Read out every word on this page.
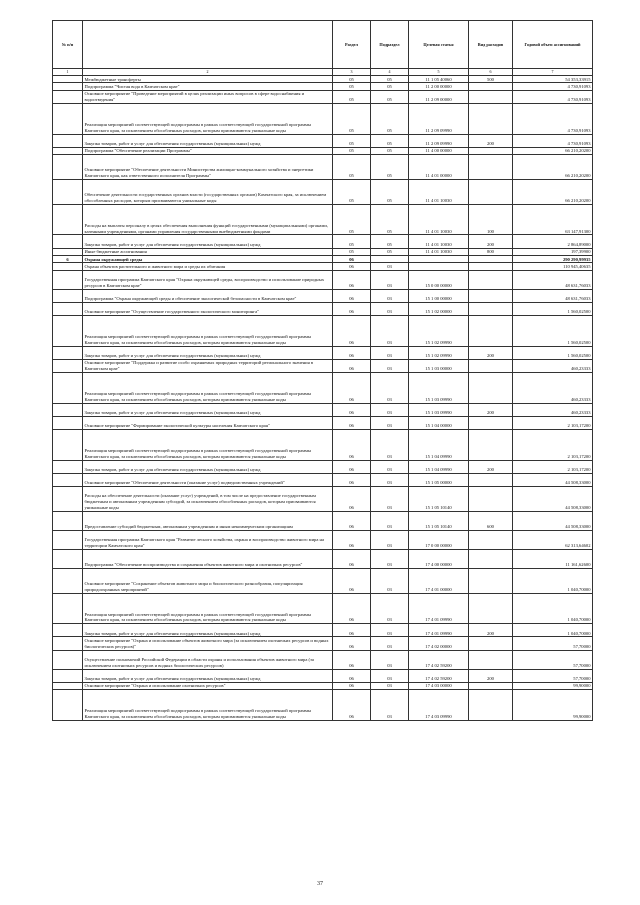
№ п/п		Раздел	Подраздел	Целевая статья	Вид расходов	Годовой объем ассигнований
1	2	3	4	5	6	7
	Межбюджетные трансферты	05	05	11 1 05 40060	500	54 353,33915
	Подпрограмма "Чистая вода в Камчатском крае"	05	05	11 2 00 00000		4 730,91093
	Основное мероприятие "Проведение мероприятий в целях реализации иных вопросов в сфере водоснабжения и водоотведения"	05	05	11 2 09 00000		4 730,91093
	Реализация мероприятий соответствующей подпрограммы в рамках соответствующей государственной программы Камчатского края, за исключением обособленных расходов, которым присваиваются уникальные коды	05	05	11 2 09 09990		4 730,91093
	Закупка товаров, работ и услуг для обеспечения государственных (муниципальных) нужд	05	05	11 2 09 09990	200	4 730,91093
	Подпрограмма "Обеспечение реализации Программы"	05	05	11 4 00 00000		66 210,20200
	Основное мероприятие "Обеспечение деятельности Министерства жилищно-коммунального хозяйства и энергетики Камчатского края, как ответственного исполнителя Программы"	05	05	11 4 01 00000		66 210,20200
	Обеспечение деятельности государственных органов власти (государственных органов) Камчатского края, за исключением обособленных расходов, которым присваиваются уникальные коды	05	05	11 4 01 10030		66 210,20200
	Расходы на выплаты персоналу в целях обеспечения выполнения функций государственными (муниципальными) органами, казенными учреждениями, органами управления государственными внебюджетными фондами	05	05	11 4 01 10030	100	63 147,91300
	Закупка товаров, работ и услуг для обеспечения государственных (муниципальных) нужд	05	05	11 4 01 10030	200	2 864,89000
	Иные бюджетные ассигнования	05	05	11 4 01 10030	800	197,39900
6	Охрана окружающей среды	06				290 290,99935
	Охрана объектов растительного и животного мира и среды их обитания	06	03			110 945,40635
	Государственная программа Камчатского края "Охрана окружающей среды, воспроизводство и использование природных ресурсов в Камчатском крае"	06	03	15 0 00 00000		48 631,76033
	Подпрограмма "Охрана окружающей среды и обеспечение экологической безопасности в Камчатском крае"	06	03	15 1 00 00000		48 631,76033
	Основное мероприятие "Осуществление государственного экологического мониторинга"	06	03	15 1 02 00000		1 560,02500
	Реализация мероприятий соответствующей подпрограммы в рамках соответствующей государственной программы Камчатского края, за исключением обособленных расходов, которым присваиваются уникальные коды	06	03	15 1 02 09990		1 560,02500
	Закупка товаров, работ и услуг для обеспечения государственных (муниципальных) нужд	06	03	15 1 02 09990	200	1 560,02500
	Основное мероприятие "Поддержка и развитие особо охраняемых природных территорий регионального значения в Камчатском крае"	06	03	15 1 03 00000		460,23333
	Реализация мероприятий соответствующей подпрограммы в рамках соответствующей государственной программы Камчатского края, за исключением обособленных расходов, которым присваиваются уникальные коды	06	03	15 1 03 09990		460,23333
	Закупка товаров, работ и услуг для обеспечения государственных (муниципальных) нужд	06	03	15 1 03 09990	200	460,23333
	Основное мероприятие "Формирование экологической культуры населения Камчатского края"	06	03	15 1 04 00000		2 103,17200
	Реализация мероприятий соответствующей подпрограммы в рамках соответствующей государственной программы Камчатского края, за исключением обособленных расходов, которым присваиваются уникальные коды	06	03	15 1 04 09990		2 103,17200
	Закупка товаров, работ и услуг для обеспечения государственных (муниципальных) нужд	06	03	15 1 04 09990	200	2 103,17200
	Основное мероприятие "Обеспечение деятельности (оказание услуг) подведомственных учреждений"	06	03	15 1 05 00000		44 508,33000
	Расходы на обеспечение деятельности (оказание услуг) учреждений, в том числе на предоставление государственным бюджетным и автономным учреждениям субсидий, за исключением обособленных расходов, которым присваиваются уникальные коды	06	03	15 1 05 10140		44 508,33000
	Предоставление субсидий бюджетным, автономным учреждениям и иным некоммерческим организациям	06	03	15 1 05 10140	600	44 508,33000
	Государственная программа Камчатского края "Развитие лесного хозяйства, охрана и воспроизводство животного мира на территории Камчатского края"	06	03	17 0 00 00000		62 313,64602
	Подпрограмма "Обеспечение воспроизводства и сохранения объектов животного мира и охотничьих ресурсов"	06	03	17 4 00 00000		11 161,62600
	Основное мероприятие "Сохранение объектов животного мира и биологического разнообразия, популяризация природоохранных мероприятий"	06	03	17 4 01 00000		1 040,70000
	Реализация мероприятий соответствующей подпрограммы в рамках соответствующей государственной программы Камчатского края, за исключением обособленных расходов, которым присваиваются уникальные коды	06	03	17 4 01 09990		1 040,70000
	Закупка товаров, работ и услуг для обеспечения государственных (муниципальных) нужд	06	03	17 4 01 09990	200	1 040,70000
	Основное мероприятие "Охрана и использование объектов животного мира (за исключением охотничьих ресурсов и водных биологических ресурсов)"	06	03	17 4 02 00000		57,70000
	Осуществление полномочий Российской Федерации в области охраны и использования объектов животного мира (за исключением охотничьих ресурсов и водных биологических ресурсов)	06	03	17 4 02 59200		57,70000
	Закупка товаров, работ и услуг для обеспечения государственных (муниципальных) нужд	06	03	17 4 02 59200	200	57,70000
	Основное мероприятие "Охрана и использование охотничьих ресурсов"	06	03	17 4 03 00000		99,90000
	Реализация мероприятий соответствующей подпрограммы в рамках соответствующей государственной программы Камчатского края, за исключением обособленных расходов, которым присваиваются уникальные коды	06	03	17 4 03 09990		99,90000
37
